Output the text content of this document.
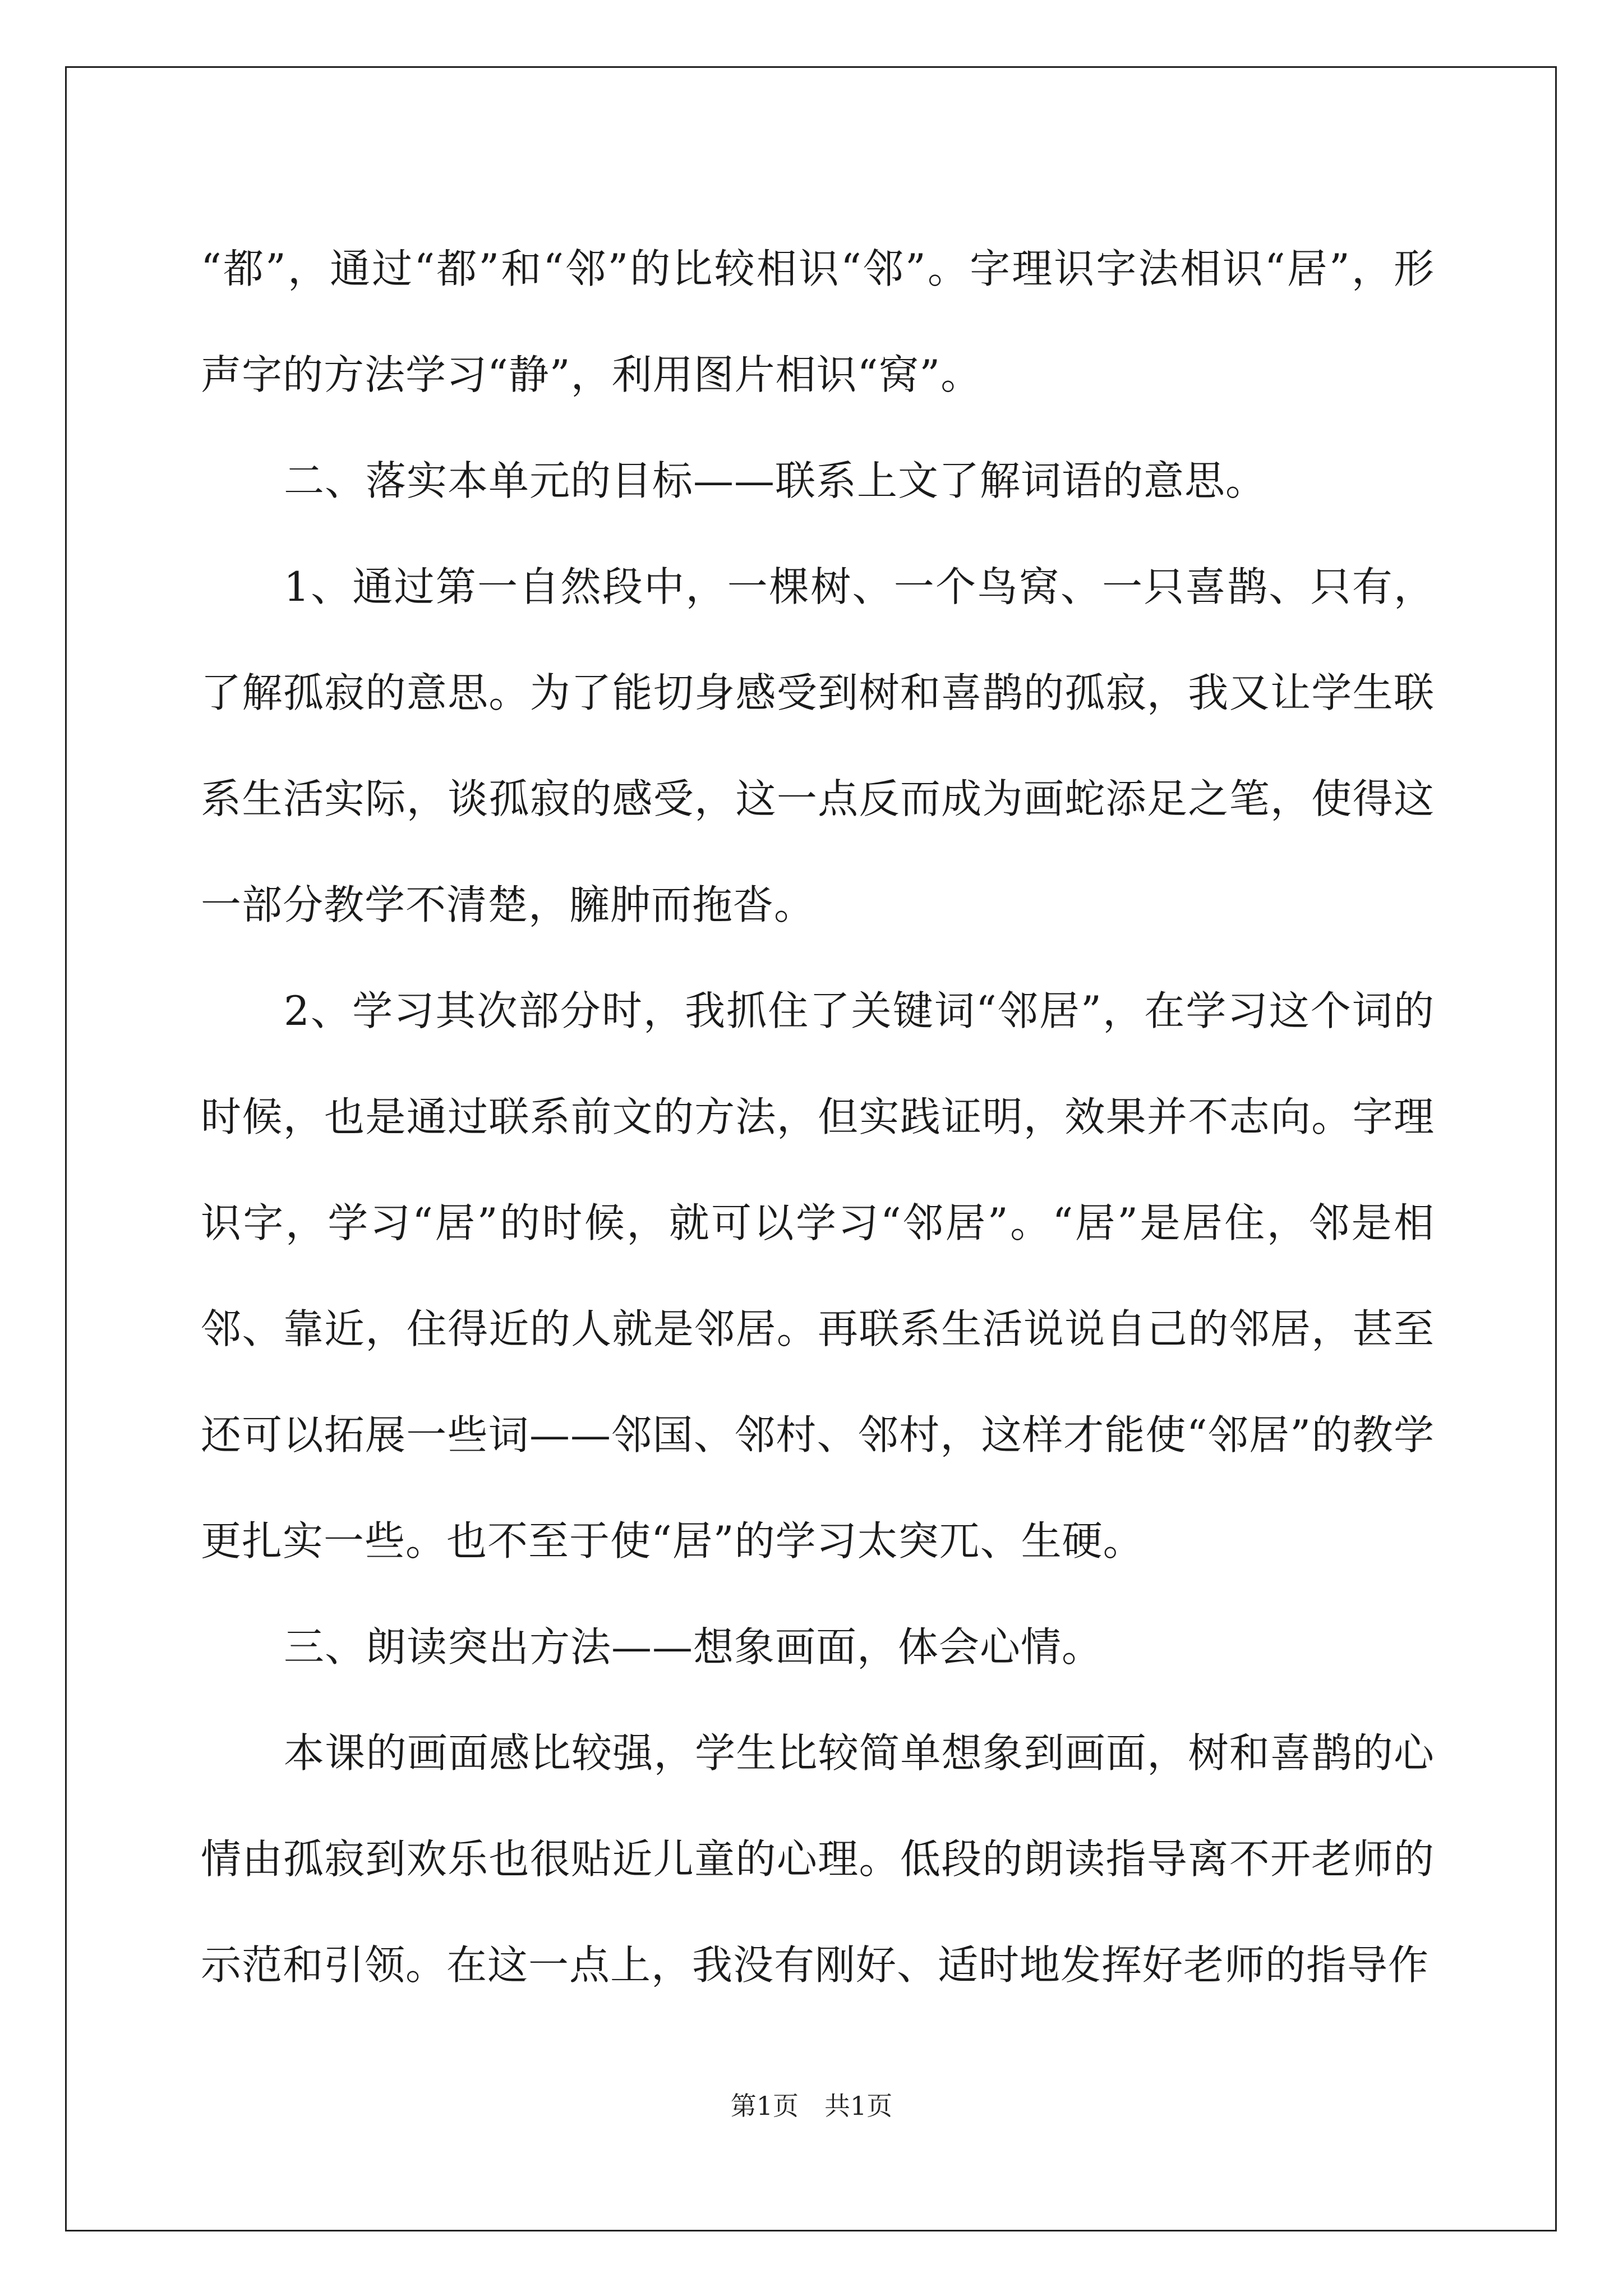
“都”，通过“都”和“邻”的比较相识“邻”。字理识字法相识“居”，形声字的方法学习“静”，利用图片相识“窝”。

二、落实本单元的目标——联系上文了解词语的意思。

1、通过第一自然段中，一棵树、一个鸟窝、一只喜鹊、只有，了解孤寂的意思。为了能切身感受到树和喜鹊的孤寂，我又让学生联系生活实际，谈孤寂的感受，这一点反而成为画蛇添足之笔，使得这一部分教学不清楚，臃肿而拖沓。

2、学习其次部分时，我抓住了关键词“邻居”，在学习这个词的时候，也是通过联系前文的方法，但实践证明，效果并不志向。字理识字，学习“居”的时候，就可以学习“邻居”。“居”是居住，邻是相邻、靠近，住得近的人就是邻居。再联系生活说说自己的邻居，甚至还可以拓展一些词——邻国、邻村、邻村，这样才能使“邻居”的教学更扎实一些。也不至于使“居”的学习太突兀、生硬。

三、朗读突出方法——想象画面，体会心情。

本课的画面感比较强，学生比较简单想象到画面，树和喜鹊的心情由孤寂到欢乐也很贴近儿童的心理。低段的朗读指导离不开老师的示范和引领。在这一点上，我没有刚好、适时地发挥好老师的指导作

第1页　共1页
